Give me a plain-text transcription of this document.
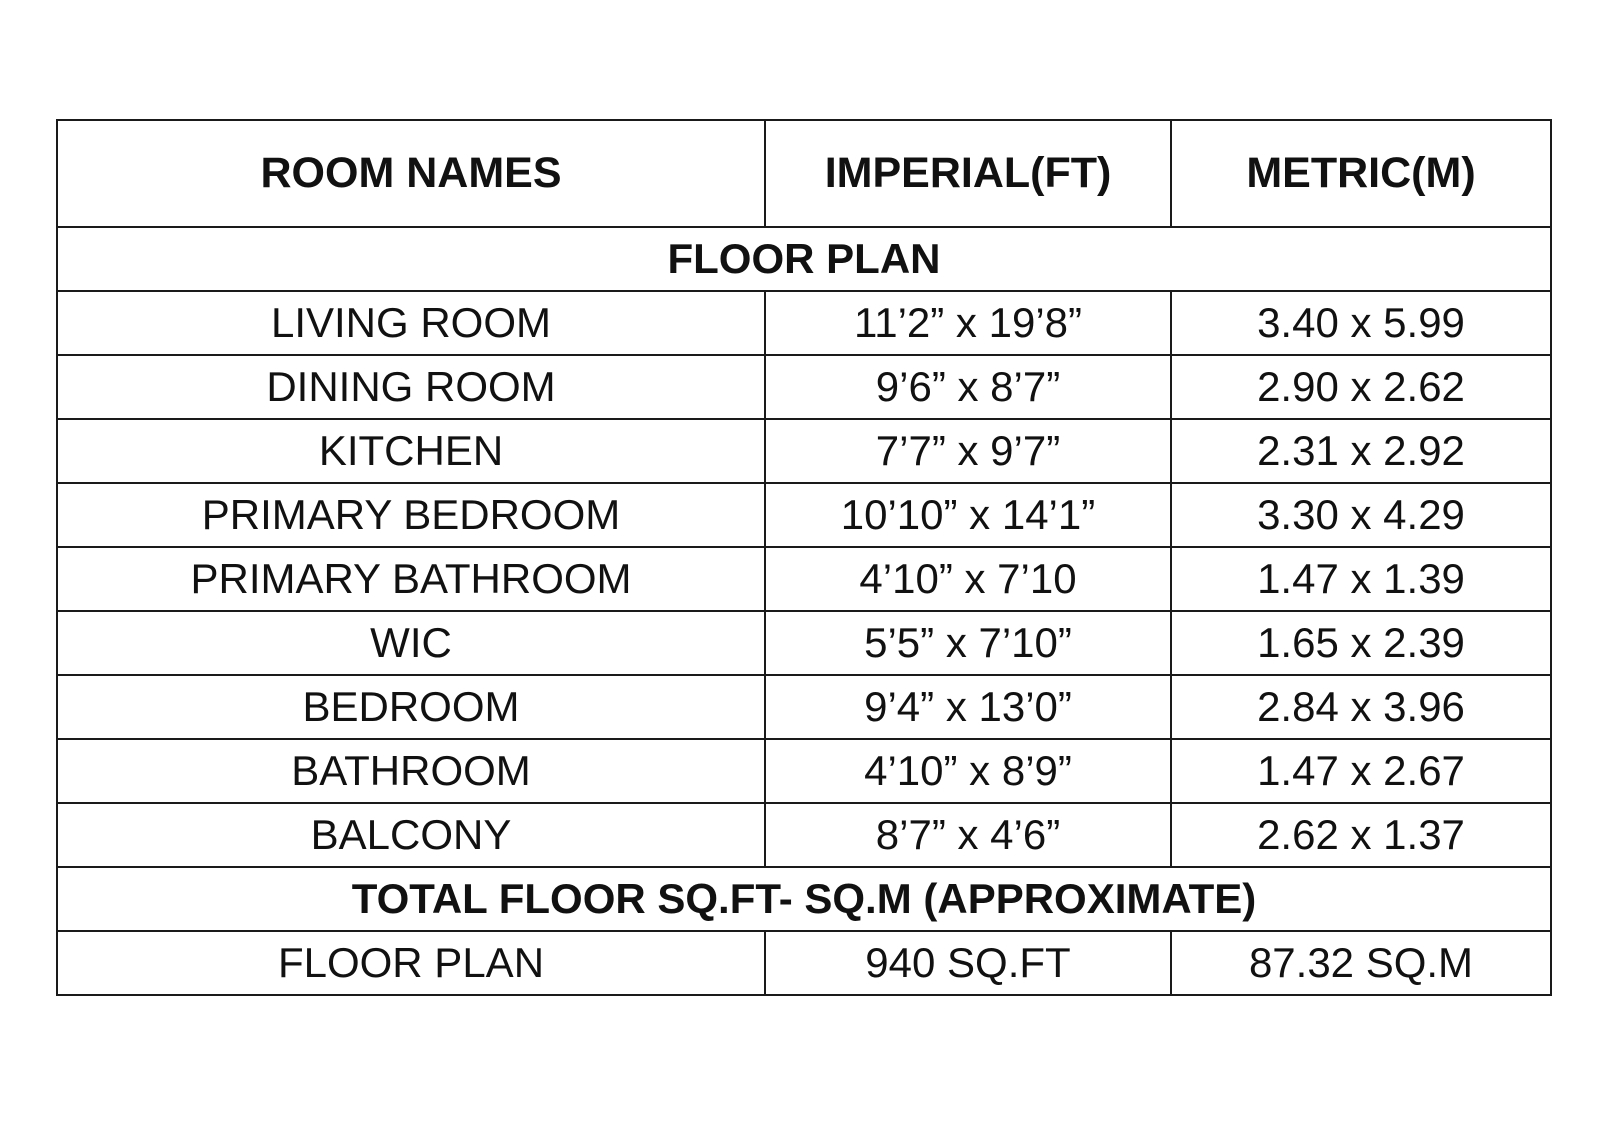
ROOM NAMES	IMPERIAL(FT)	METRIC(M)
FLOOR PLAN		
LIVING ROOM	11’2” x 19’8”	3.40 x 5.99
DINING ROOM	9’6” x 8’7”	2.90 x 2.62
KITCHEN	7’7” x 9’7”	2.31 x 2.92
PRIMARY BEDROOM	10’10” x 14’1”	3.30 x 4.29
PRIMARY BATHROOM	4’10” x 7’10	1.47 x 1.39
WIC	5’5” x 7’10”	1.65 x 2.39
BEDROOM	9’4” x 13’0”	2.84 x 3.96
BATHROOM	4’10” x 8’9”	1.47 x 2.67
BALCONY	8’7” x 4’6”	2.62 x 1.37
TOTAL FLOOR SQ.FT- SQ.M (APPROXIMATE)		
FLOOR PLAN	940 SQ.FT	87.32 SQ.M
